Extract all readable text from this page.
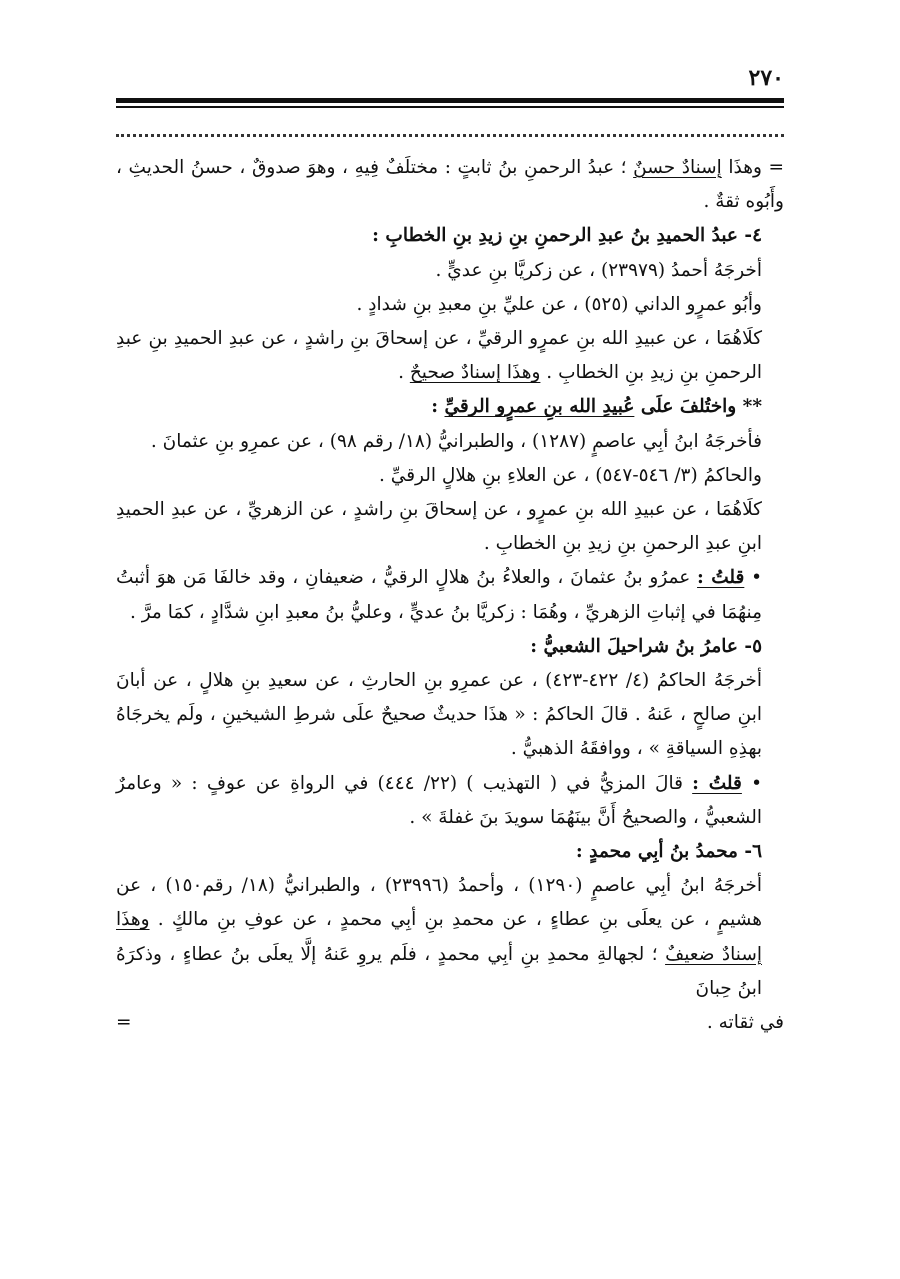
٢٧٠

= وهذَا إسنادٌ حسنٌ ؛ عبدُ الرحمنِ بنُ ثابتٍ : مختلَفٌ فِيهِ ، وهوَ صدوقٌ ، حسنُ الحديثِ ، وأَبُوه ثقةٌ .

٤- عبدُ الحميدِ بنُ عبدِ الرحمنِ بنِ زيدِ بنِ الخطابِ :

أخرجَهُ أحمدُ (٢٣٩٧٩) ، عن زكريَّا بنِ عديٍّ .

وأبُو عمرٍو الداني (٥٢٥) ، عن عليِّ بنِ معبدِ بنِ شدادٍ .

كلَاهُمَا ، عن عبيدِ الله بنِ عمرٍو الرقيِّ ، عن إسحاقَ بنِ راشدٍ ، عن عبدِ الحميدِ بنِ عبدِ الرحمنِ بنِ زيدِ بنِ الخطابِ . وهذَا إسنادٌ صحيحٌ .

** واختُلفَ علَى عُبيدِ الله بنِ عمرٍو الرقيِّ :

فأخرجَهُ ابنُ أبِي عاصمٍ (١٢٨٧) ، والطبرانيُّ (١٨/ رقم ٩٨) ، عن عمرِو بنِ عثمانَ .

والحاكمُ (٣/ ٥٤٦-٥٤٧) ، عن العلاءِ بنِ هلالٍ الرقيِّ .

كلَاهُمَا ، عن عبيدِ الله بنِ عمرٍو ، عن إسحاقَ بنِ راشدٍ ، عن الزهريِّ ، عن عبدِ الحميدِ ابنِ عبدِ الرحمنِ بنِ زيدِ بنِ الخطابِ .

• قلتُ : عمرُو بنُ عثمانَ ، والعلاءُ بنُ هلالٍ الرقيُّ ، ضعيفانِ ، وقد خالفَا مَن هوَ أثبتُ مِنهُمَا في إثباتِ الزهريِّ ، وهُمَا : زكريَّا بنُ عديٍّ ، وعليُّ بنُ معبدِ ابنِ شدَّادٍ ، كمَا مرَّ .

٥- عامرُ بنُ شراحيلَ الشعبيُّ :

أخرجَهُ الحاكمُ (٤/ ٤٢٢-٤٢٣) ، عن عمرِو بنِ الحارثِ ، عن سعيدِ بنِ هلالٍ ، عن أبانَ ابنِ صالحٍ ، عَنهُ . قالَ الحاكمُ : « هذَا حديثٌ صحيحٌ علَى شرطِ الشيخينِ ، ولَم يخرجَاهُ بهذِهِ السياقةِ » ، ووافقَهُ الذهبيُّ .

• قلتُ : قالَ المزيُّ في ( التهذيب ) (٢٢/ ٤٤٤) في الرواةِ عن عوفٍ : « وعامرٌ الشعبيُّ ، والصحيحُ أَنَّ بينَهُمَا سويدَ بنَ غفلةَ » .

٦- محمدُ بنُ أبِي محمدٍ :

أخرجَهُ ابنُ أبِي عاصمٍ (١٢٩٠) ، وأحمدُ (٢٣٩٩٦) ، والطبرانيُّ (١٨/ رقم١٥٠) ، عن هشيمٍ ، عن يعلَى بنِ عطاءٍ ، عن محمدِ بنِ أبِي محمدٍ ، عن عوفِ بنِ مالكٍ . وهذَا إسنادٌ ضعيفٌ ؛ لجهالةِ محمدِ بنِ أبِي محمدٍ ، فلَم يروِ عَنهُ إلَّا يعلَى بنُ عطاءٍ ، وذكرَهُ ابنُ حِبانَ

في ثقاته .
=
